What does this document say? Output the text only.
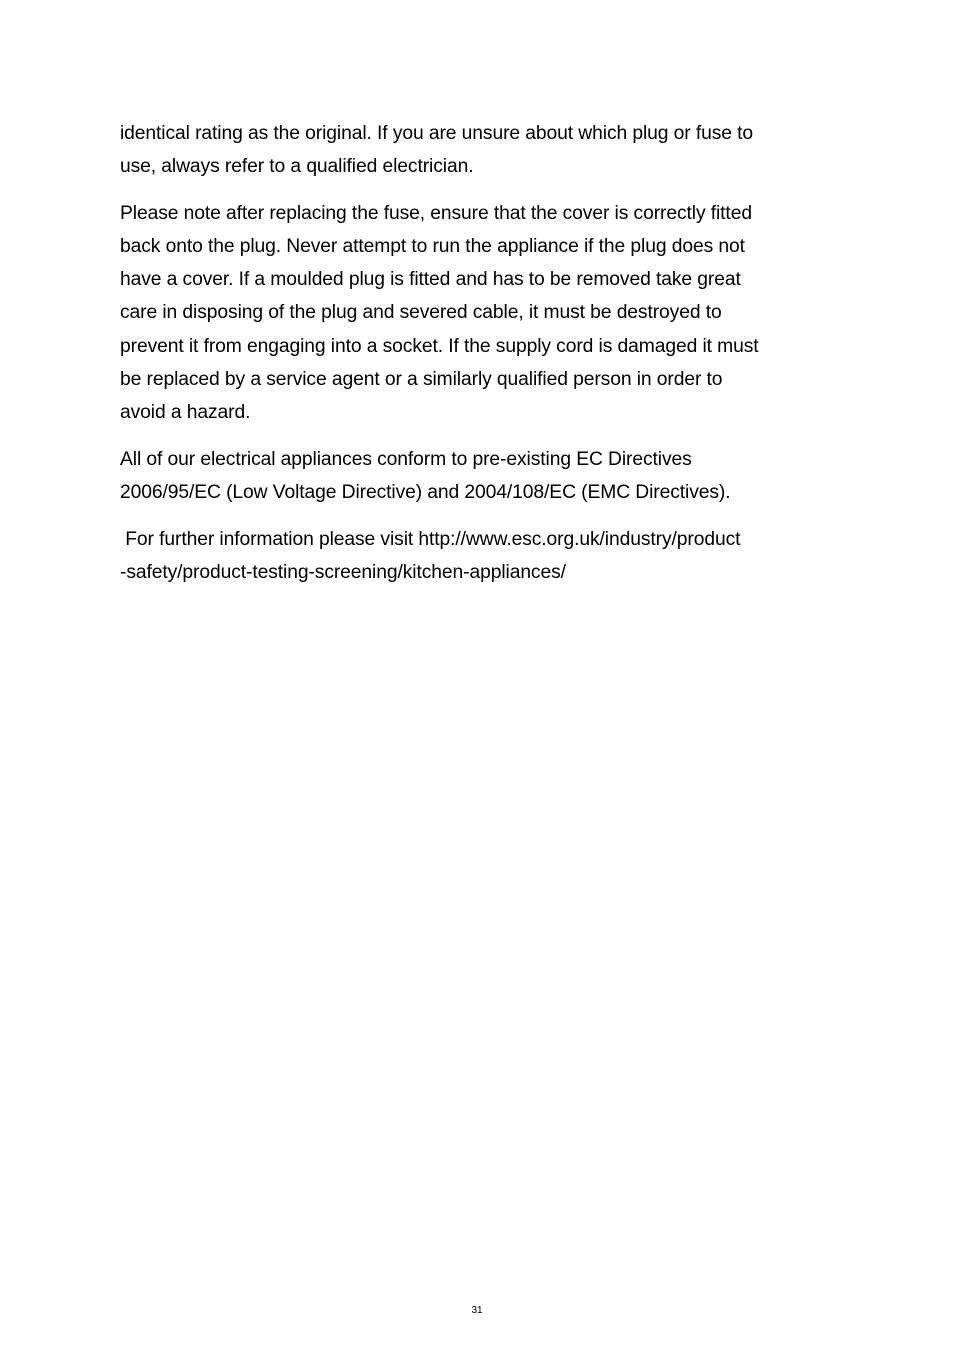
identical rating as the original. If you are unsure about which plug or fuse to
use, always refer to a qualified electrician.

Please note after replacing the fuse, ensure that the cover is correctly fitted
back onto the plug. Never attempt to run the appliance if the plug does not
have a cover. If a moulded plug is fitted and has to be removed take great
care in disposing of the plug and severed cable, it must be destroyed to
prevent it from engaging into a socket. If the supply cord is damaged it must
be replaced by a service agent or a similarly qualified person in order to
avoid a hazard.

All of our electrical appliances conform to pre-existing EC Directives
2006/95/EC (Low Voltage Directive) and 2004/108/EC (EMC Directives).

For further information please visit http://www.esc.org.uk/industry/product
-safety/product-testing-screening/kitchen-appliances/

31
